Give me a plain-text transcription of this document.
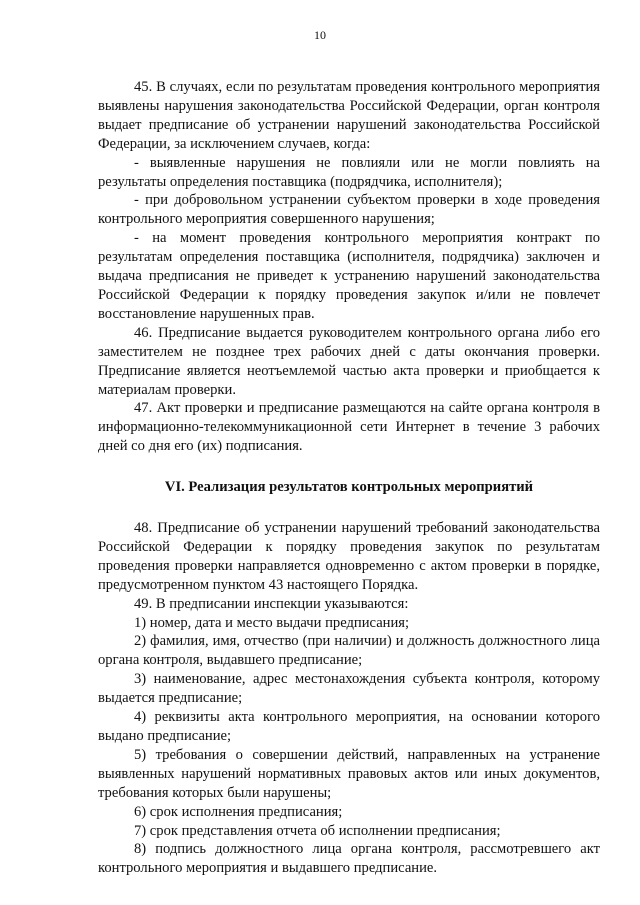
10

45. В случаях, если по результатам проведения контрольного мероприятия выявлены нарушения законодательства Российской Федерации, орган контроля выдает предписание об устранении нарушений законодательства Российской Федерации, за исключением случаев, когда:

- выявленные нарушения не повлияли или не могли повлиять на результаты определения поставщика (подрядчика, исполнителя);

- при добровольном устранении субъектом проверки в ходе проведения контрольного мероприятия совершенного нарушения;

- на момент проведения контрольного мероприятия контракт по результатам определения поставщика (исполнителя, подрядчика) заключен и выдача предписания не приведет к устранению нарушений законодательства Российской Федерации к порядку проведения закупок и/или не повлечет восстановление нарушенных прав.

46. Предписание выдается руководителем контрольного органа либо его заместителем не позднее трех рабочих дней с даты окончания проверки. Предписание является неотъемлемой частью акта проверки и приобщается к материалам проверки.

47. Акт проверки и предписание размещаются на сайте органа контроля в информационно-телекоммуникационной сети Интернет в течение 3 рабочих дней со дня его (их) подписания.

VI. Реализация результатов контрольных мероприятий

48. Предписание об устранении нарушений требований законодательства Российской Федерации к порядку проведения закупок по результатам проведения проверки направляется одновременно с актом проверки в порядке, предусмотренном пунктом 43 настоящего Порядка.

49. В предписании инспекции указываются:

1) номер, дата и место выдачи предписания;

2) фамилия, имя, отчество (при наличии) и должность должностного лица органа контроля, выдавшего предписание;

3) наименование, адрес местонахождения субъекта контроля, которому выдается предписание;

4) реквизиты акта контрольного мероприятия, на основании которого выдано предписание;

5) требования о совершении действий, направленных на устранение выявленных нарушений нормативных правовых актов или иных документов, требования которых были нарушены;

6) срок исполнения предписания;

7) срок представления отчета об исполнении предписания;

8) подпись должностного лица органа контроля, рассмотревшего акт контрольного мероприятия и выдавшего предписание.
